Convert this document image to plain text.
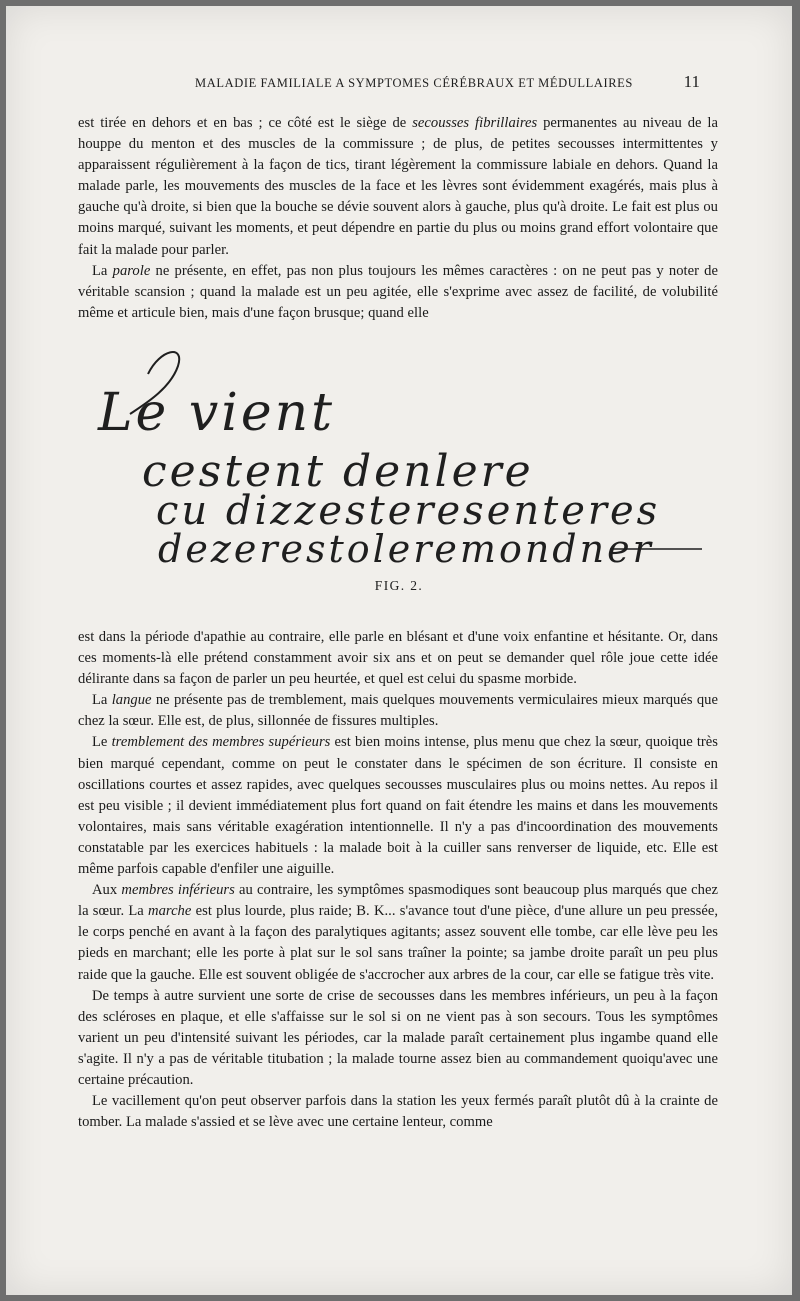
MALADIE FAMILIALE A SYMPTOMES CÉRÉBRAUX ET MÉDULLAIRES	11

est tirée en dehors et en bas ; ce côté est le siège de secousses fibrillaires permanentes au niveau de la houppe du menton et des muscles de la commissure ; de plus, de petites secousses intermittentes y apparaissent régulièrement à la façon de tics, tirant légèrement la commissure labiale en dehors. Quand la malade parle, les mouvements des muscles de la face et les lèvres sont évidemment exagérés, mais plus à gauche qu'à droite, si bien que la bouche se dévie souvent alors à gauche, plus qu'à droite. Le fait est plus ou moins marqué, suivant les moments, et peut dépendre en partie du plus ou moins grand effort volontaire que fait la malade pour parler.

La parole ne présente, en effet, pas non plus toujours les mêmes caractères : on ne peut pas y noter de véritable scansion ; quand la malade est un peu agitée, elle s'exprime avec assez de facilité, de volubilité même et articule bien, mais d'une façon brusque; quand elle

Le vient
cestent denlere
cu dizzesteresenteres
dezerestoleremondner
FIG. 2.

est dans la période d'apathie au contraire, elle parle en blésant et d'une voix enfantine et hésitante. Or, dans ces moments-là elle prétend constamment avoir six ans et on peut se demander quel rôle joue cette idée délirante dans sa façon de parler un peu heurtée, et quel est celui du spasme morbide.

La langue ne présente pas de tremblement, mais quelques mouvements vermiculaires mieux marqués que chez la sœur. Elle est, de plus, sillonnée de fissures multiples.

Le tremblement des membres supérieurs est bien moins intense, plus menu que chez la sœur, quoique très bien marqué cependant, comme on peut le constater dans le spécimen de son écriture. Il consiste en oscillations courtes et assez rapides, avec quelques secousses musculaires plus ou moins nettes. Au repos il est peu visible ; il devient immédiatement plus fort quand on fait étendre les mains et dans les mouvements volontaires, mais sans véritable exagération intentionnelle. Il n'y a pas d'incoordination des mouvements constatable par les exercices habituels : la malade boit à la cuiller sans renverser de liquide, etc. Elle est même parfois capable d'enfiler une aiguille.

Aux membres inférieurs au contraire, les symptômes spasmodiques sont beaucoup plus marqués que chez la sœur. La marche est plus lourde, plus raide; B. K... s'avance tout d'une pièce, d'une allure un peu pressée, le corps penché en avant à la façon des paralytiques agitants; assez souvent elle tombe, car elle lève peu les pieds en marchant; elle les porte à plat sur le sol sans traîner la pointe; sa jambe droite paraît un peu plus raide que la gauche. Elle est souvent obligée de s'accrocher aux arbres de la cour, car elle se fatigue très vite.

De temps à autre survient une sorte de crise de secousses dans les membres inférieurs, un peu à la façon des scléroses en plaque, et elle s'affaisse sur le sol si on ne vient pas à son secours. Tous les symptômes varient un peu d'intensité suivant les périodes, car la malade paraît certainement plus ingambe quand elle s'agite. Il n'y a pas de véritable titubation ; la malade tourne assez bien au commandement quoiqu'avec une certaine précaution.

Le vacillement qu'on peut observer parfois dans la station les yeux fermés paraît plutôt dû à la crainte de tomber. La malade s'assied et se lève avec une certaine lenteur, comme
